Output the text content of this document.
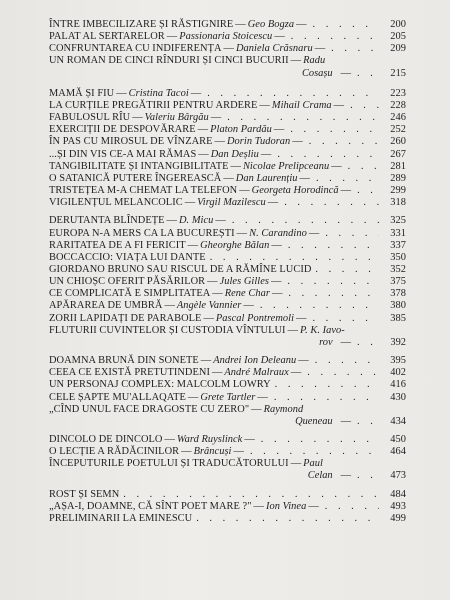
ÎNTRE IMBECILIZARE ȘI RĂSTIGNIRE — Geo Bogza — . . .	200
PALAT AL SERTARELOR — Passionaria Stoicescu — . . .	205
CONFRUNTAREA CU INDIFERENȚA — Daniela Crăsnaru — . . .	209
UN ROMAN DE CINCI RÎNDURI ȘI CINCI BUCURII — Radu
Cosașu — . . .	215
MAMĂ ȘI FIU — Cristina Tacoi — . . .	223
LA CURȚILE PREGĂTIRII PENTRU ARDERE — Mihail Crama — . . .	228
FABULOSUL RÎU — Valeriu Bârgău — . . .	246
EXERCIȚII DE DESPOVĂRARE — Platon Pardău — . . .	252
ÎN PAS CU MIROSUL DE VÎNZARE — Dorin Tudoran — . . .	260
...ȘI DIN VIS CE-A MAI RĂMAS — Dan Deșliu — . . .	267
TANGIBILITATE ȘI INTANGIBILITATE — Nicolae Prelipceanu — . . .	281
O SATANICĂ PUTERE ÎNGEREASCĂ — Dan Laurențiu — . . .	289
TRISTEȚEA M-A CHEMAT LA TELEFON — Georgeta Horodincă — . . .	299
VIGILENȚUL MELANCOLIC — Virgil Mazilescu — . . .	318
DERUTANTA BLÎNDEȚE — D. Micu — . . .	325
EUROPA N-A MERS CA LA BUCUREȘTI — N. Carandino — . . .	331
RARITATEA DE A FI FERICIT — Gheorghe Bălan — . . .	337
BOCCACCIO: VIAȚA LUI DANTE . . .	350
GIORDANO BRUNO SAU RISCUL DE A RĂMÎNE LUCID . . .	352
UN CHIOȘC OFERIT PĂSĂRILOR — Jules Gilles — . . .	375
CE COMPLICATĂ E SIMPLITATEA — Rene Char — . . .	378
APĂRAREA DE UMBRĂ — Angèle Vannier — . . .	380
ZORII LAPIDAȚI DE PARABOLE — Pascal Pontremoli — . . .	385
FLUTURII CUVINTELOR ȘI CUSTODIA VÎNTULUI — P. K. Iavo-
rov — . . .	392
DOAMNA BRUNĂ DIN SONETE — Andrei Ion Deleanu — . . .	395
CEEA CE EXISTĂ PRETUTINDENI — André Malraux — . . .	402
UN PERSONAJ COMPLEX: MALCOLM LOWRY . . .	416
CELE ȘAPTE MU'ALLAQATE — Grete Tartler — . . .	430
„CÎND UNUL FACE DRAGOSTE CU ZERO" — Raymond
Queneau — . . .	434
DINCOLO DE DINCOLO — Ward Ruyslinck — . . .	450
O LECȚIE A RĂDĂCINILOR — Brâncuși — . . .	464
ÎNCEPUTURILE POETULUI ȘI TRADUCĂTORULUI — Paul
Celan — . . .	473
ROST ȘI SEMN . . .	484
„AȘA-I, DOAMNE, CĂ SÎNT POET MARE ?" — Ion Vinea — . . .	493
PRELIMINARII LA EMINESCU . . .	499
